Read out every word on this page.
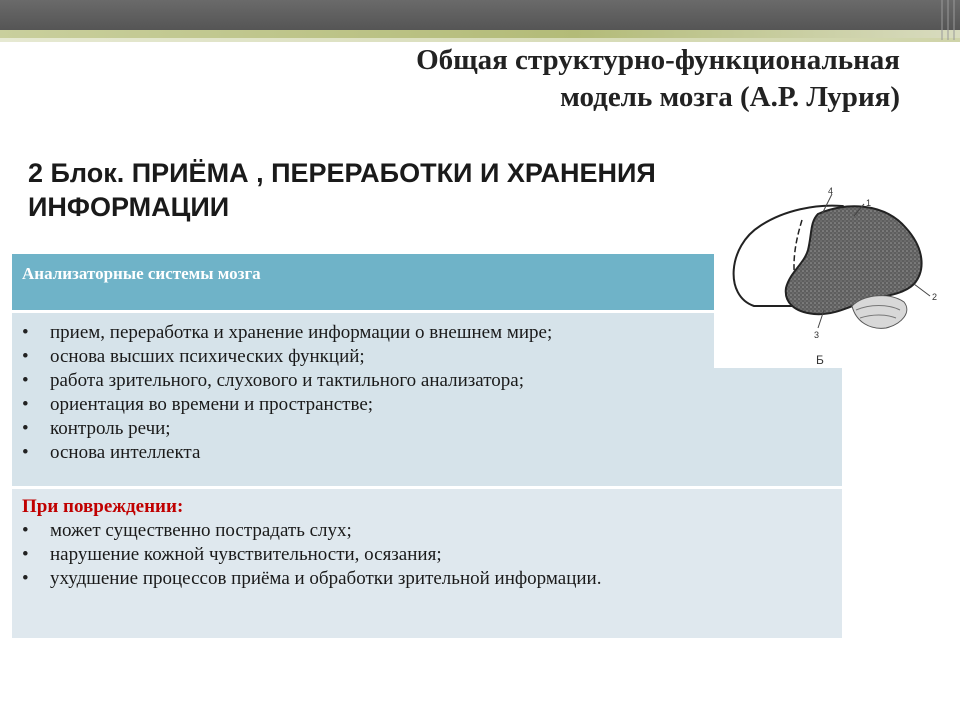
Общая структурно-функциональная
модель мозга (А.Р. Лурия)
2 Блок. ПРИЁМА , ПЕРЕРАБОТКИ И ХРАНЕНИЯ
ИНФОРМАЦИИ
Анализаторные системы мозга
• прием, переработка и хранение информации о внешнем мире;
• основа высших психических функций;
• работа зрительного, слухового и тактильного анализатора;
• ориентация во времени и пространстве;
• контроль речи;
• основа интеллекта
При повреждении:
• может существенно пострадать слух;
• нарушение кожной чувствительности, осязания;
• ухудшение процессов приёма и обработки зрительной информации.
4
1
2
3
Б
